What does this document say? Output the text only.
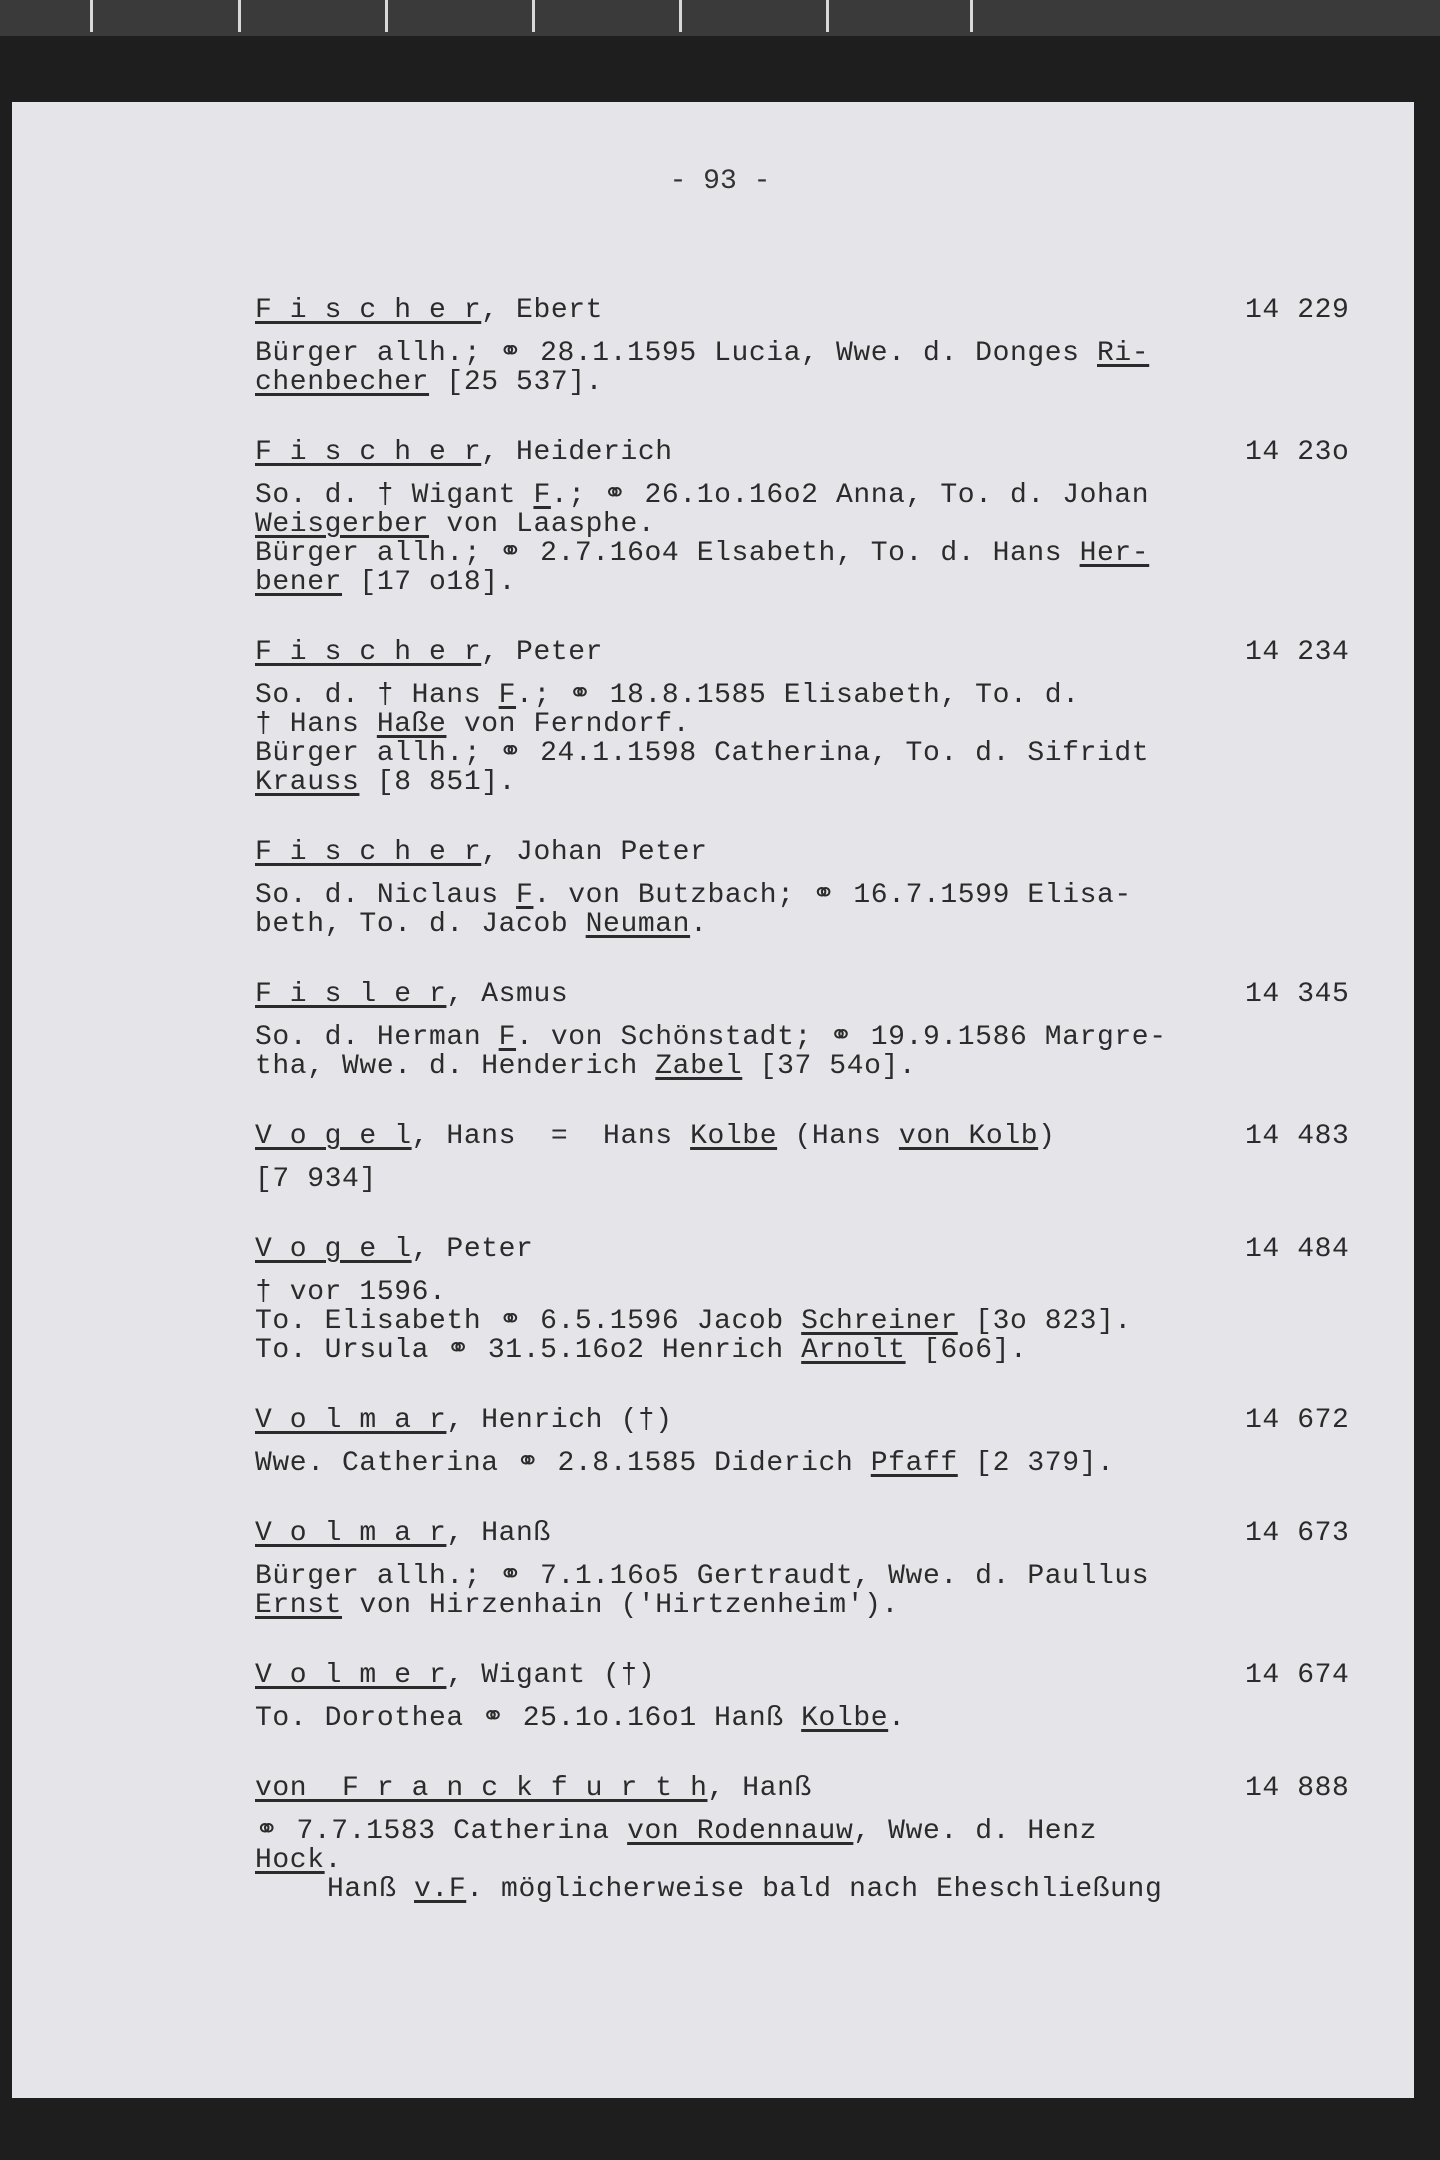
- 93 -
F i s c h e r, Ebert	14 229
Bürger allh.; ⚭ 28.1.1595 Lucia, Wwe. d. Donges Ri-
chenbecher [25 537].
F i s c h e r, Heiderich	14 23o
So. d. † Wigant F.; ⚭ 26.1o.16o2 Anna, To. d. Johan
Weisgerber von Laasphe.
Bürger allh.; ⚭ 2.7.16o4 Elsabeth, To. d. Hans Her-
bener [17 o18].
F i s c h e r, Peter	14 234
So. d. † Hans F.; ⚭ 18.8.1585 Elisabeth, To. d.
† Hans Haße von Ferndorf.
Bürger allh.; ⚭ 24.1.1598 Catherina, To. d. Sifridt
Krauss [8 851].
F i s c h e r, Johan Peter
So. d. Niclaus F. von Butzbach; ⚭ 16.7.1599 Elisa-
beth, To. d. Jacob Neuman.
F i s l e r, Asmus	14 345
So. d. Herman F. von Schönstadt; ⚭ 19.9.1586 Margre-
tha, Wwe. d. Henderich Zabel [37 54o].
V o g e l, Hans  =  Hans Kolbe (Hans von Kolb)	14 483
[7 934]
V o g e l, Peter	14 484
† vor 1596.
To. Elisabeth ⚭ 6.5.1596 Jacob Schreiner [3o 823].
To. Ursula ⚭ 31.5.16o2 Henrich Arnolt [6o6].
V o l m a r, Henrich (†)	14 672
Wwe. Catherina ⚭ 2.8.1585 Diderich Pfaff [2 379].
V o l m a r, Hanß	14 673
Bürger allh.; ⚭ 7.1.16o5 Gertraudt, Wwe. d. Paullus
Ernst von Hirzenhain ('Hirtzenheim').
V o l m e r, Wigant (†)	14 674
To. Dorothea ⚭ 25.1o.16o1 Hanß Kolbe.
von  F r a n c k f u r t h, Hanß	14 888
⚭ 7.7.1583 Catherina von Rodennauw, Wwe. d. Henz
Hock.
Hanß v.F. möglicherweise bald nach Eheschließung
